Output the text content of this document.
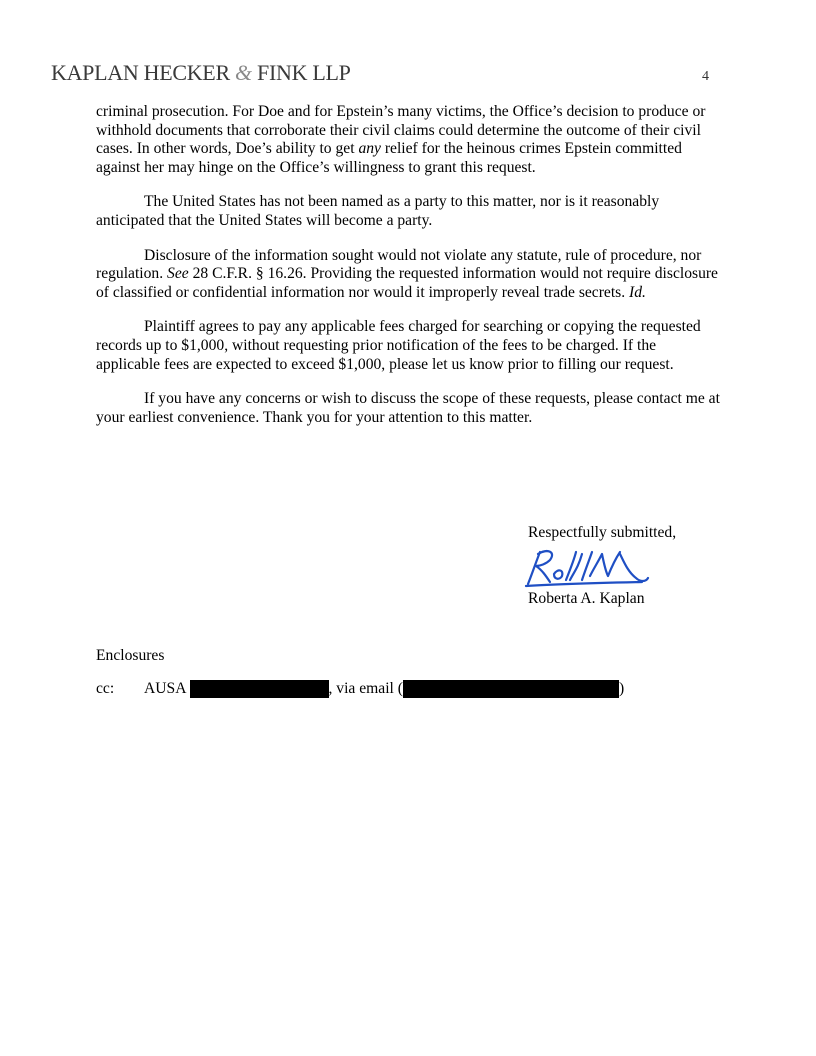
KAPLAN HECKER & FINK LLP	4

criminal prosecution. For Doe and for Epstein’s many victims, the Office’s decision to produce or withhold documents that corroborate their civil claims could determine the outcome of their civil cases. In other words, Doe’s ability to get any relief for the heinous crimes Epstein committed against her may hinge on the Office’s willingness to grant this request.

The United States has not been named as a party to this matter, nor is it reasonably anticipated that the United States will become a party.

Disclosure of the information sought would not violate any statute, rule of procedure, nor regulation. See 28 C.F.R. § 16.26. Providing the requested information would not require disclosure of classified or confidential information nor would it improperly reveal trade secrets. Id.

Plaintiff agrees to pay any applicable fees charged for searching or copying the requested records up to $1,000, without requesting prior notification of the fees to be charged. If the applicable fees are expected to exceed $1,000, please let us know prior to filling our request.

If you have any concerns or wish to discuss the scope of these requests, please contact me at your earliest convenience. Thank you for your attention to this matter.

Respectfully submitted,
Roberta A. Kaplan
Enclosures
cc:	AUSA	, via email (	)
